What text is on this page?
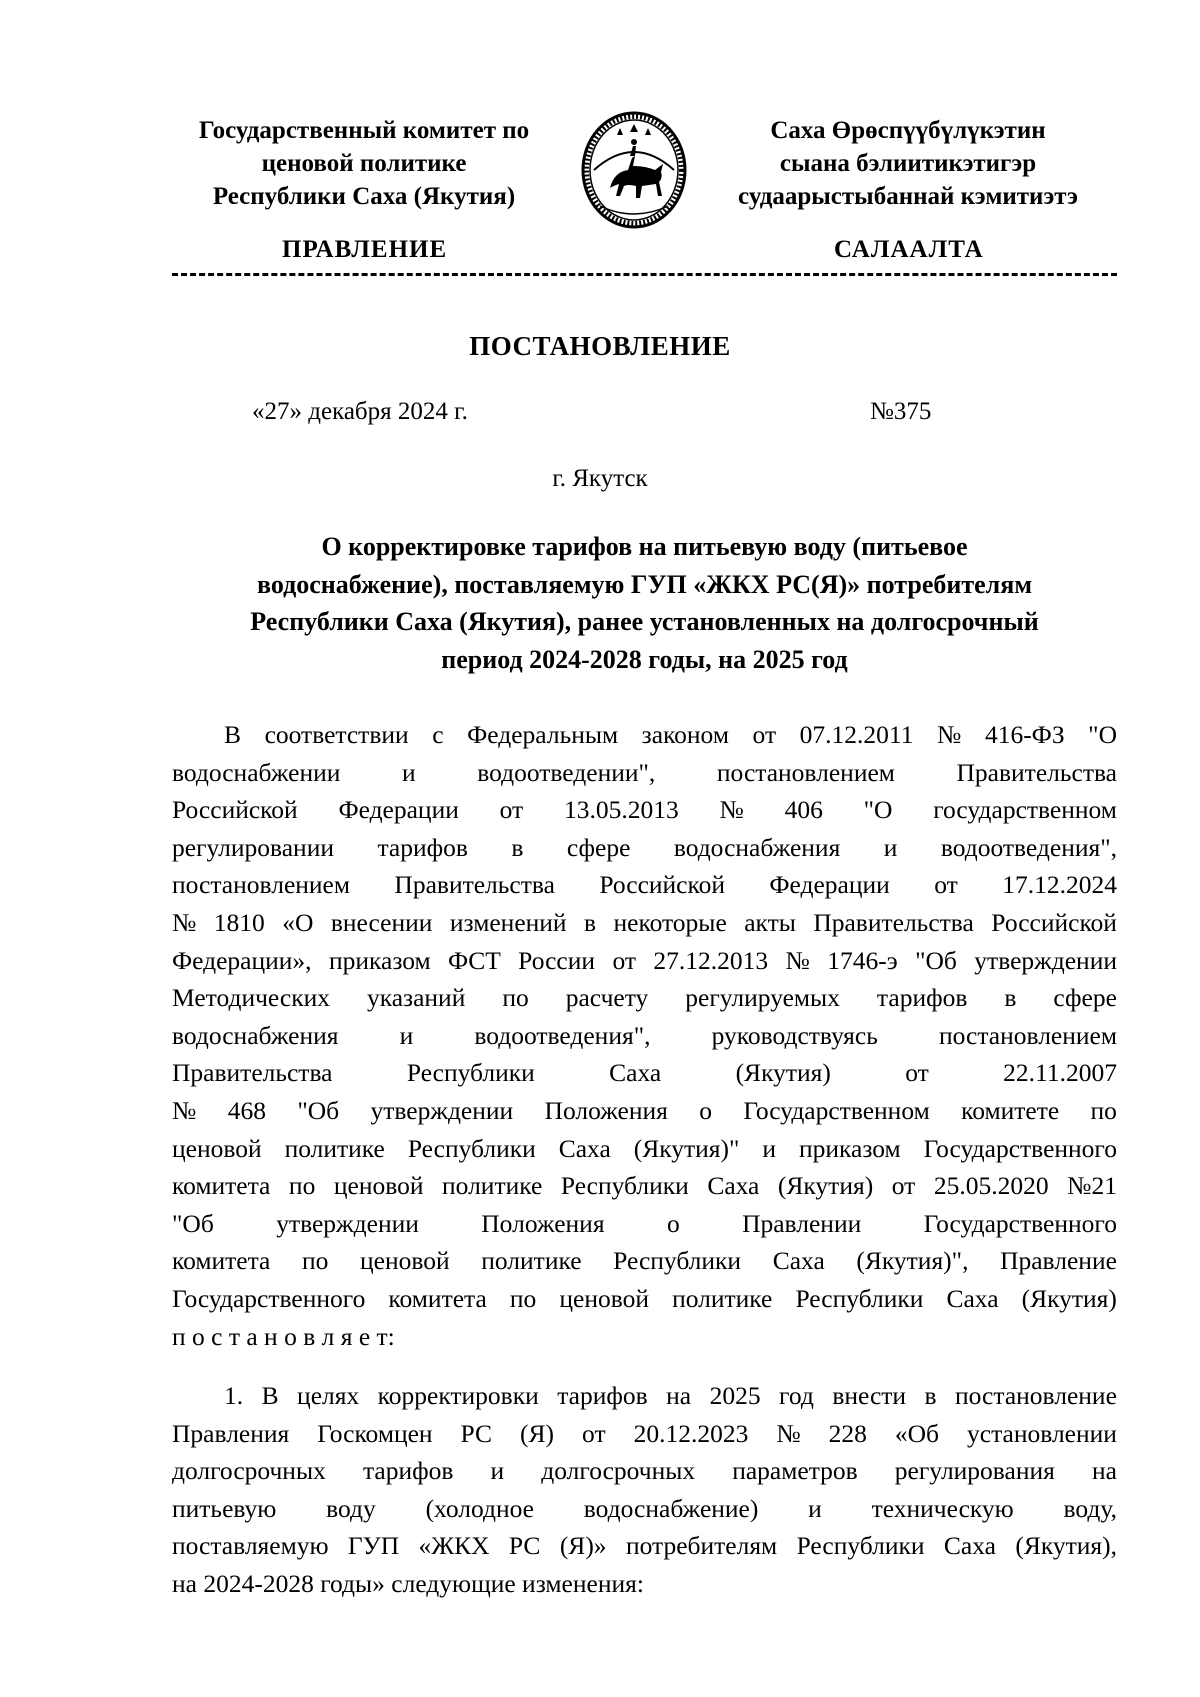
Государственный комитет по
ценовой политике
Республики Саха (Якутия)
Саха Өрөспүүбүлүкэтин
сыана бэлиитикэтигэр
судаарыстыбаннай кэмитиэтэ
ПРАВЛЕНИЕ	САЛААЛТА
ПОСТАНОВЛЕНИЕ
«27» декабря 2024 г.	№375
г. Якутск
О корректировке тарифов на питьевую воду (питьевое
водоснабжение), поставляемую ГУП «ЖКХ РС(Я)» потребителям
Республики Саха (Якутия), ранее установленных на долгосрочный
период 2024-2028 годы, на 2025 год
В соответствии с Федеральным законом от 07.12.2011 № 416-ФЗ "О
водоснабжении и водоотведении", постановлением Правительства
Российской Федерации от 13.05.2013 № 406 "О государственном
регулировании тарифов в сфере водоснабжения и водоотведения",
постановлением Правительства Российской Федерации от 17.12.2024
№ 1810 «О внесении изменений в некоторые акты Правительства Российской
Федерации», приказом ФСТ России от 27.12.2013 № 1746-э "Об утверждении
Методических указаний по расчету регулируемых тарифов в сфере
водоснабжения и водоотведения", руководствуясь постановлением
Правительства	Республики	Саха	(Якутия)	от	22.11.2007
№ 468 "Об утверждении Положения о Государственном комитете по
ценовой политике Республики Саха (Якутия)" и приказом Государственного
комитета по ценовой политике Республики Саха (Якутия) от 25.05.2020 №21
"Об утверждении Положения о Правлении Государственного
комитета по ценовой политике Республики Саха (Якутия)", Правление
Государственного комитета по ценовой политике Республики Саха (Якутия)
п о с т а н о в л я е т:
1. В целях корректировки тарифов на 2025 год внести в постановление
Правления Госкомцен РС (Я) от 20.12.2023 № 228 «Об установлении
долгосрочных тарифов и долгосрочных параметров регулирования на
питьевую воду (холодное водоснабжение) и техническую воду,
поставляемую ГУП «ЖКХ РС (Я)» потребителям Республики Саха (Якутия),
на 2024-2028 годы» следующие изменения:
